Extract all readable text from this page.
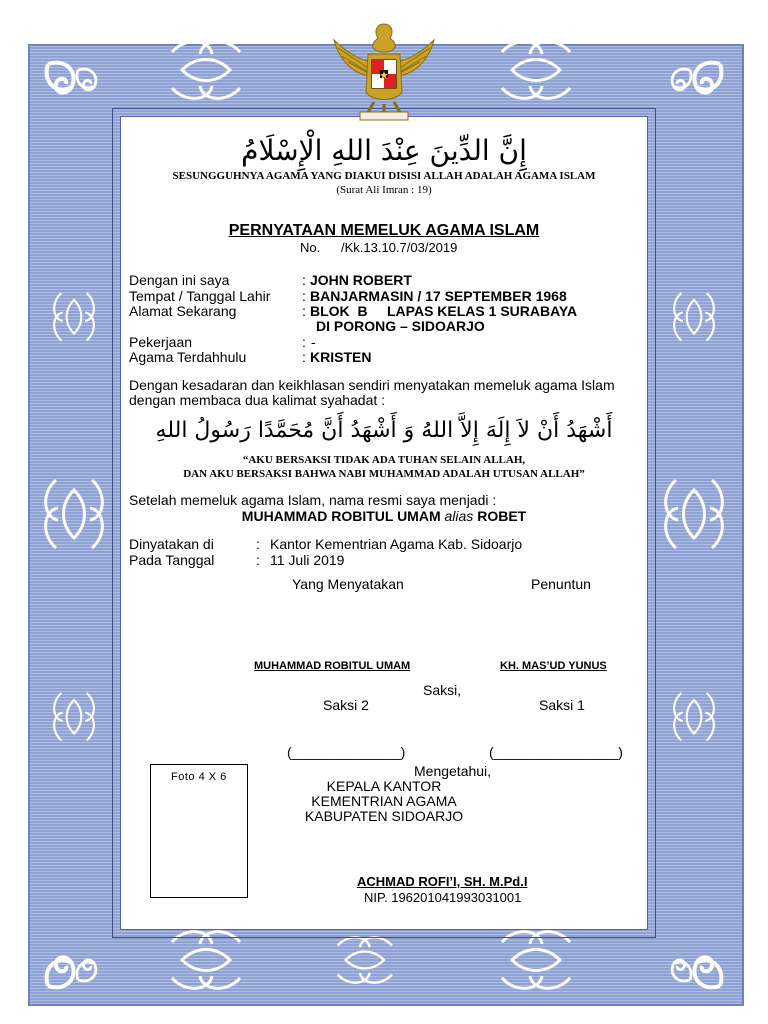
إِنَّ الدِّينَ عِنْدَ اللهِ الْإِسْلَامُ
SESUNGGUHNYA AGAMA YANG DIAKUI DISISI ALLAH ADALAH AGAMA ISLAM
(Surat Ali Imran : 19)
PERNYATAAN MEMELUK AGAMA ISLAM
No. /Kk.13.10.7/03/2019
Dengan ini saya	: JOHN ROBERT
Tempat / Tanggal Lahir : BANJARMASIN / 17 SEPTEMBER 1968
Alamat Sekarang	: BLOK  B     LAPAS KELAS 1 SURABAYA
DI PORONG – SIDOARJO
Pekerjaan	: -
Agama Terdahhulu	: KRISTEN
Dengan kesadaran dan keikhlasan sendiri menyatakan memeluk agama Islam
dengan membaca dua kalimat syahadat :
أَشْهَدُ أَنْ لاَ إِلَهَ إِلاَّ اللهُ وَ أَشْهَدُ أَنَّ مُحَمَّدًا رَسُولُ اللهِ
“AKU BERSAKSI TIDAK ADA TUHAN SELAIN ALLAH,
DAN AKU BERSAKSI BAHWA NABI MUHAMMAD ADALAH UTUSAN ALLAH”
Setelah memeluk agama Islam, nama resmi saya menjadi :
MUHAMMAD ROBITUL UMAM alias ROBET
Dinyatakan di	: Kantor Kementrian Agama Kab. Sidoarjo
Pada Tanggal	: 11 Juli 2019
Yang Menyatakan	Penuntun
MUHAMMAD ROBITUL UMAM	KH. MAS’UD YUNUS
Saksi,
Saksi 2	Saksi 1
(______________)	(________________)
Foto 4 X 6	Mengetahui,
KEPALA KANTOR
KEMENTRIAN AGAMA
KABUPATEN SIDOARJO
ACHMAD ROFI’I, SH. M.Pd.I
NIP. 196201041993031001
